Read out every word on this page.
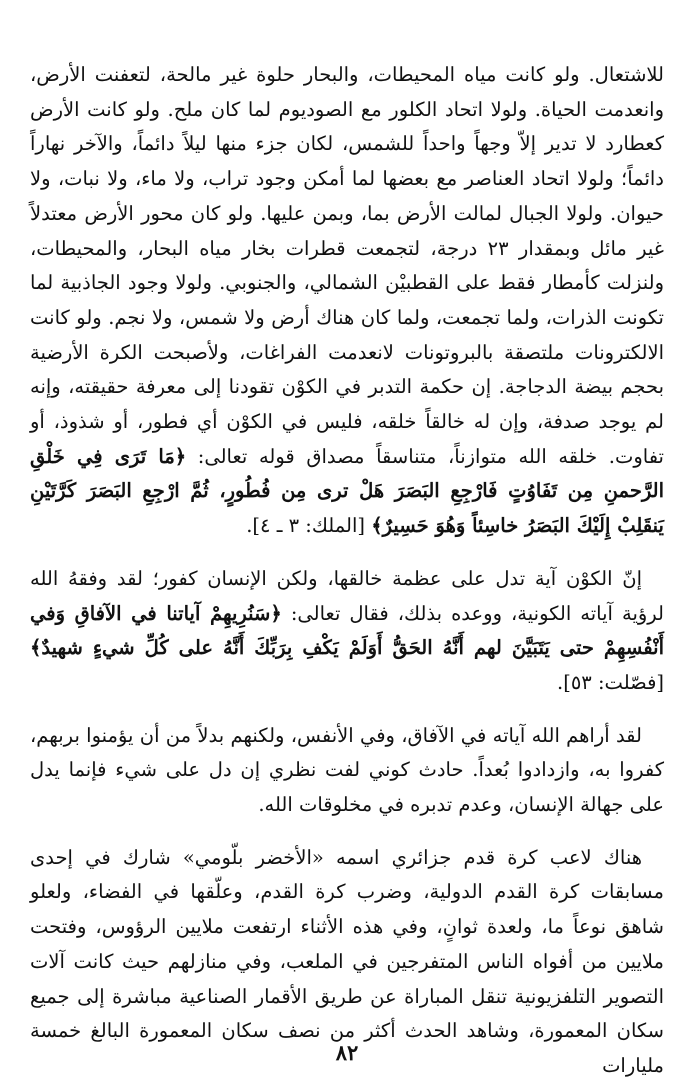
للاشتعال. ولو كانت مياه المحيطات، والبحار حلوة غير مالحة، لتعفنت الأرض، وانعدمت الحياة. ولولا اتحاد الكلور مع الصوديوم لما كان ملح. ولو كانت الأرض كعطارد لا تدير إلاّ وجهاً واحداً للشمس، لكان جزء منها ليلاً دائماً، والآخر نهاراً دائماً؛ ولولا اتحاد العناصر مع بعضها لما أمكن وجود تراب، ولا ماء، ولا نبات، ولا حيوان. ولولا الجبال لمالت الأرض بما، وبمن عليها. ولو كان محور الأرض معتدلاً غير مائل وبمقدار ٢٣ درجة، لتجمعت قطرات بخار مياه البحار، والمحيطات، ولنزلت كأمطار فقط على القطبيْن الشمالي، والجنوبي. ولولا وجود الجاذبية لما تكونت الذرات، ولما تجمعت، ولما كان هناك أرض ولا شمس، ولا نجم. ولو كانت الالكترونات ملتصقة بالبروتونات لانعدمت الفراغات، ولأصبحت الكرة الأرضية بحجم بيضة الدجاجة. إن حكمة التدبر في الكوْن تقودنا إلى معرفة حقيقته، وإنه لم يوجد صدفة، وإن له خالقاً خلقه، فليس في الكوْن أي فطور، أو شذوذ، أو تفاوت. خلقه الله متوازناً، متناسقاً مصداق قوله تعالى: ﴿مَا تَرَى فِي خَلْقِ الرَّحمنِ مِن تَفَاوُتٍ فَارْجِعِ البَصَرَ هَلْ ترى مِن فُطُورٍ، ثُمَّ ارْجِعِ البَصَرَ كَرَّتَيْنِ يَنقَلِبْ إِلَيْكَ البَصَرُ خاسِئاً وَهُوَ حَسِيرٌ﴾ [الملك: ٣ ـ ٤].

إنّ الكوْن آية تدل على عظمة خالقها، ولكن الإنسان كفور؛ لقد وفقهُ الله لرؤية آياته الكونية، ووعده بذلك، فقال تعالى: ﴿سَنُرِيهِمْ آياتنا في الآفاقِ وَفي أَنْفُسِهِمْ حتى يَتَبَيَّنَ لهم أَنَّهُ الحَقُّ أَوَلَمْ يَكْفِ بِرَبِّكَ أَنَّهُ على كُلِّ شيءٍ شهيدٌ﴾ [فصّلت: ٥٣].

لقد أراهم الله آياته في الآفاق، وفي الأنفس، ولكنهم بدلاً من أن يؤمنوا بربهم، كفروا به، وازدادوا بُعداً. حادث كوني لفت نظري إن دل على شيء فإنما يدل على جهالة الإنسان، وعدم تدبره في مخلوقات الله.

هناك لاعب كرة قدم جزائري اسمه «الأخضر بلّومي» شارك في إحدى مسابقات كرة القدم الدولية، وضرب كرة القدم، وعلّقها في الفضاء، ولعلو شاهق نوعاً ما، ولعدة ثوانٍ، وفي هذه الأثناء ارتفعت ملايين الرؤوس، وفتحت ملايين من أفواه الناس المتفرجين في الملعب، وفي منازلهم حيث كانت آلات التصوير التلفزيونية تنقل المباراة عن طريق الأقمار الصناعية مباشرة إلى جميع سكان المعمورة، وشاهد الحدث أكثر من نصف سكان المعمورة البالغ خمسة مليارات

٨٢
